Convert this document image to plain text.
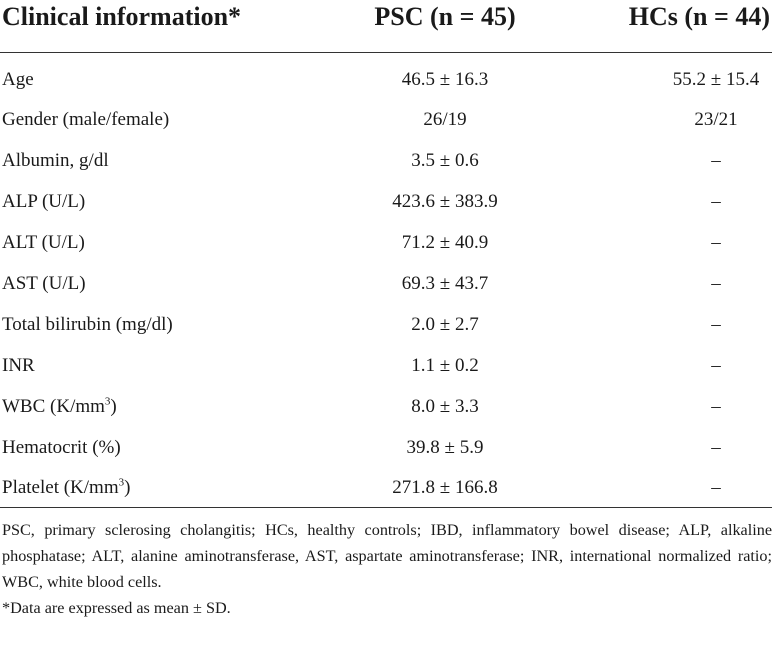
Clinical information*	PSC (n = 45)	HCs (n = 44)
Age	46.5 ± 16.3	55.2 ± 15.4
Gender (male/female)	26/19	23/21
Albumin, g/dl	3.5 ± 0.6	–
ALP (U/L)	423.6 ± 383.9	–
ALT (U/L)	71.2 ± 40.9	–
AST (U/L)	69.3 ± 43.7	–
Total bilirubin (mg/dl)	2.0 ± 2.7	–
INR	1.1 ± 0.2	–
WBC $(K/mm^3)$	8.0 ± 3.3	–
Hematocrit (%)	39.8 ± 5.9	–
Platelet $(K/mm^3)$	271.8 ± 166.8	–

PSC, primary sclerosing cholangitis; HCs, healthy controls; IBD, inflammatory bowel disease; ALP, alkaline phosphatase; ALT, alanine aminotransferase, AST, aspartate aminotransferase; INR, international normalized ratio; WBC, white blood cells.

*Data are expressed as mean ± SD.
